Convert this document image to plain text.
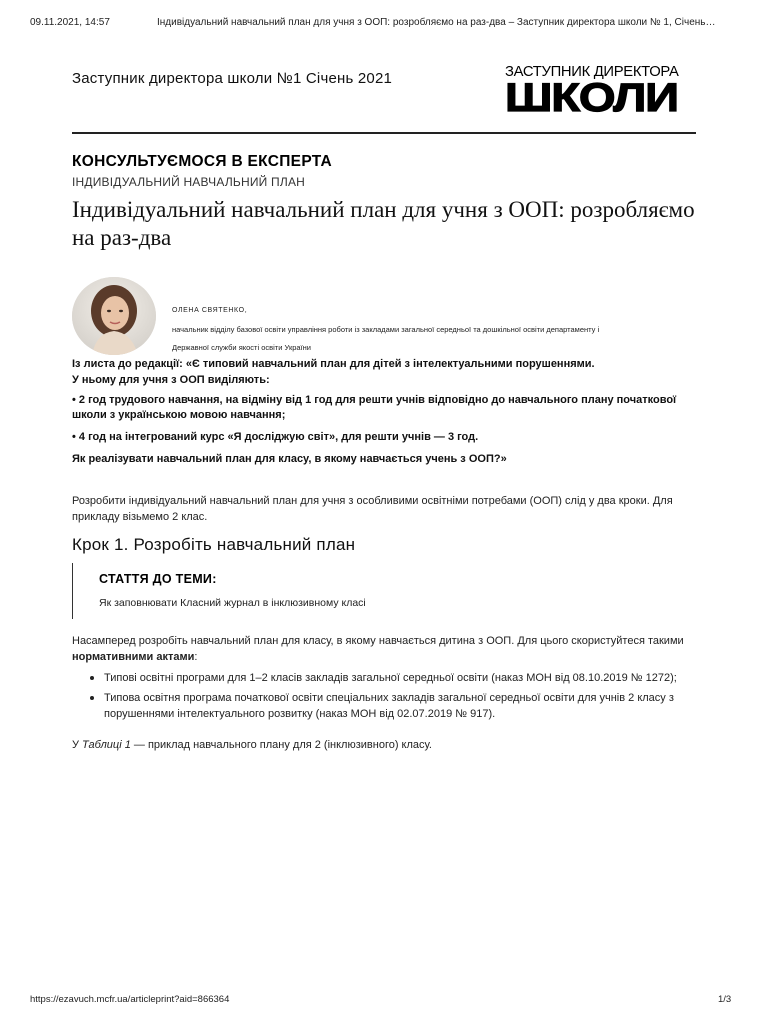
09.11.2021, 14:57	Індивідуальний навчальний план для учня з ООП: розробляємо на раз-два – Заступник директора школи № 1, Січень…
Заступник директора школи №1 Січень 2021	ЗАСТУПНИК ДИРЕКТОРА
ШКОЛИ
КОНСУЛЬТУЄМОСЯ В ЕКСПЕРТА
ІНДИВІДУАЛЬНИЙ НАВЧАЛЬНИЙ ПЛАН
Індивідуальний навчальний план для учня з ООП: розробляємо на раз-два
ОЛЕНА СВЯТЕНКО,
начальник відділу базової освіти управління роботи із закладами загальної середньої та дошкільної освіти департаменту і
Державної служби якості освіти України
Із листа до редакції: «Є типовий навчальний план для дітей з інтелектуальними порушеннями.
У ньому для учня з ООП виділяють:
• 2 год трудового навчання, на відміну від 1 год для решти учнів відповідно до навчального плану початкової школи з українською мовою навчання;
• 4 год на інтегрований курс «Я досліджую світ», для решти учнів — 3 год.
Як реалізувати навчальний план для класу, в якому навчається учень з ООП?»

Розробити індивідуальний навчальний план для учня з особливими освітніми потребами (ООП) слід у два кроки. Для прикладу візьмемо 2 клас.

Крок 1. Розробіть навчальний план
СТАТТЯ ДО ТЕМИ:
Як заповнювати Класний журнал в інклюзивному класі

Насамперед розробіть навчальний план для класу, в якому навчається дитина з ООП. Для цього скористуйтеся такими нормативними актами:

Типові освітні програми для 1–2 класів закладів загальної середньої освіти (наказ МОН від 08.10.2019 № 1272);
Типова освітня програма початкової освіти спеціальних закладів загальної середньої освіти для учнів 2 класу з порушеннями інтелектуального розвитку (наказ МОН від 02.07.2019 № 917).

У Таблиці 1 — приклад навчального плану для 2 (інклюзивного) класу.

https://ezavuch.mcfr.ua/articleprint?aid=866364	1/3
